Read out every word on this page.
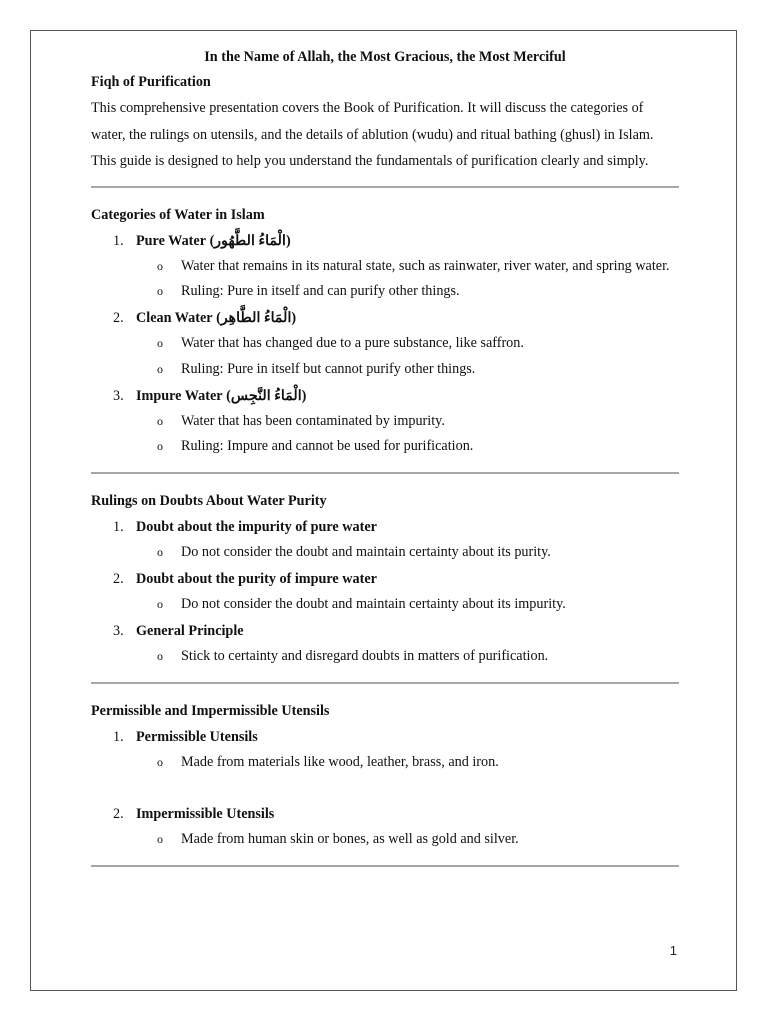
In the Name of Allah, the Most Gracious, the Most Merciful

Fiqh of Purification

This comprehensive presentation covers the Book of Purification. It will discuss the categories of water, the rulings on utensils, and the details of ablution (wudu) and ritual bathing (ghusl) in Islam. This guide is designed to help you understand the fundamentals of purification clearly and simply.

Categories of Water in Islam

1. Pure Water (الْمَاءُ الطَّهُور)
o Water that remains in its natural state, such as rainwater, river water, and spring water.
o Ruling: Pure in itself and can purify other things.
2. Clean Water (الْمَاءُ الطَّاهِر)
o Water that has changed due to a pure substance, like saffron.
o Ruling: Pure in itself but cannot purify other things.
3. Impure Water (الْمَاءُ النَّجِس)
o Water that has been contaminated by impurity.
o Ruling: Impure and cannot be used for purification.

Rulings on Doubts About Water Purity

1. Doubt about the impurity of pure water
o Do not consider the doubt and maintain certainty about its purity.
2. Doubt about the purity of impure water
o Do not consider the doubt and maintain certainty about its impurity.
3. General Principle
o Stick to certainty and disregard doubts in matters of purification.

Permissible and Impermissible Utensils

1. Permissible Utensils
o Made from materials like wood, leather, brass, and iron.
2. Impermissible Utensils
o Made from human skin or bones, as well as gold and silver.
1
